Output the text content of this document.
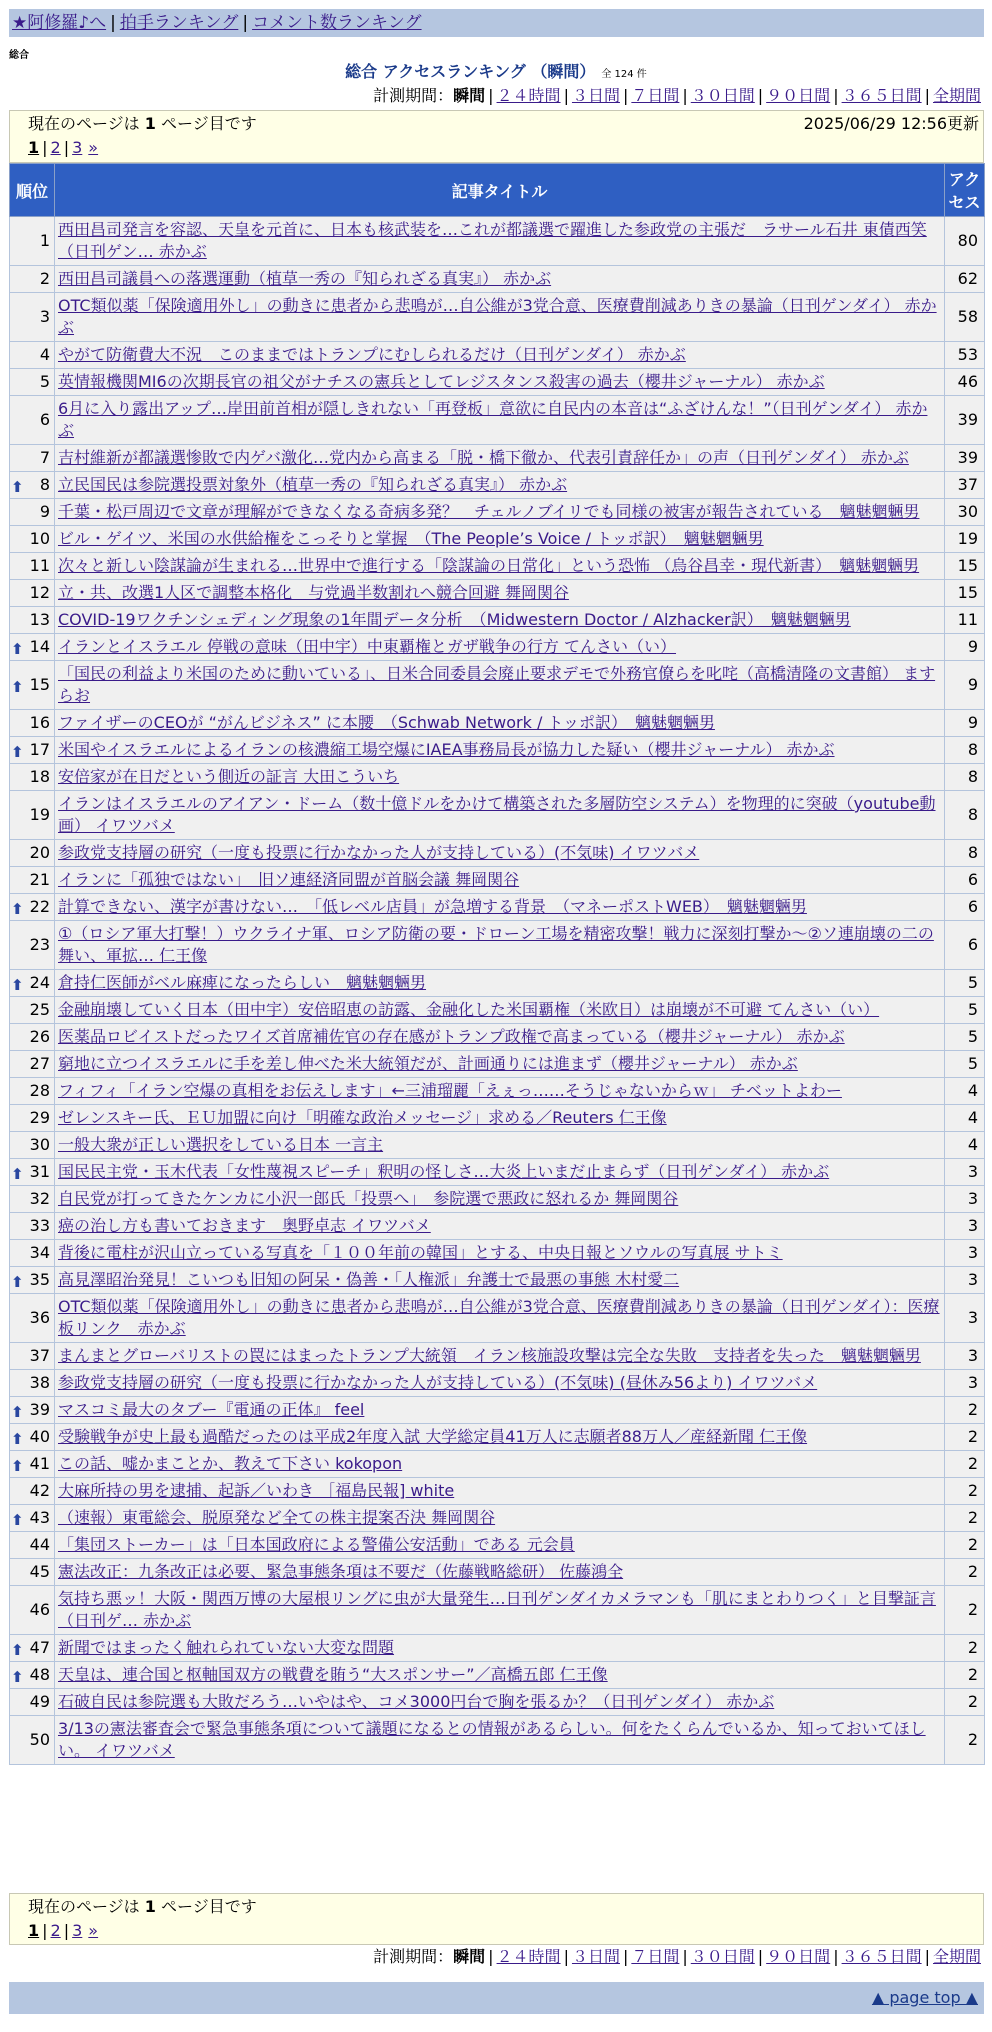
★阿修羅♪へ | 拍手ランキング | コメント数ランキング
総合
総合 アクセスランキング （瞬間） 全 124 件
計測期間：瞬間 | ２４時間 | ３日間 | ７日間 | ３０日間 | ９０日間 | ３６５日間 | 全期間
現在のページは 1 ページ目です	2025/06/29 12:56更新
1 | 2 | 3 »
順位	記事タイトル	アクセス
1	西田昌司発言を容認、天皇を元首に、日本も核武装を…これが都議選で躍進した参政党の主張だ　ラサール石井 東債西笑（日刊ゲン… 赤かぶ	80
2	西田昌司議員への落選運動（植草一秀の『知られざる真実』） 赤かぶ	62
3	OTC類似薬「保険適用外し」の動きに患者から悲鳴が…自公維が3党合意、医療費削減ありきの暴論（日刊ゲンダイ） 赤かぶ	58
4	やがて防衛費大不況　このままではトランプにむしられるだけ（日刊ゲンダイ） 赤かぶ	53
5	英情報機関MI6の次期長官の祖父がナチスの憲兵としてレジスタンス殺害の過去（櫻井ジャーナル） 赤かぶ	46
6	6月に入り露出アップ…岸田前首相が隠しきれない「再登板」意欲に自民内の本音は“ふざけんな！”（日刊ゲンダイ） 赤かぶ	39
7	吉村維新が都議選惨敗で内ゲバ激化…党内から高まる「脱・橋下徹か、代表引責辞任か」の声（日刊ゲンダイ） 赤かぶ	39

⬆ 8	立民国民は参院選投票対象外（植草一秀の『知られざる真実』） 赤かぶ	37
9	千葉・松戸周辺で文章が理解ができなくなる奇病多発？　チェルノブイリでも同様の被害が報告されている　魑魅魍魎男	30
10	ビル・ゲイツ、米国の水供給権をこっそりと掌握　（The People’s Voice / トッポ訳）　魑魅魍魎男	19
11	次々と新しい陰謀論が生まれる…世界中で進行する「陰謀論の日常化」という恐怖 （烏谷昌幸・現代新書）　魑魅魍魎男	15
12	立・共、改選1人区で調整本格化　与党過半数割れへ競合回避 舞岡関谷	15
13	COVID-19ワクチンシェディング現象の1年間データ分析　（Midwestern Doctor / Alzhacker訳）　魑魅魍魎男	11

⬆ 14	イランとイスラエル 停戦の意味（田中宇）中東覇権とガザ戦争の行方 てんさい（い）	9

⬆ 15	「国民の利益より米国のために動いている」、日米合同委員会廃止要求デモで外務官僚らを叱咤（高橋清隆の文書館） ますらお	9
16	ファイザーのCEOが “がんビジネス” に本腰　（Schwab Network / トッポ訳）　魑魅魍魎男	9

⬆ 17	米国やイスラエルによるイランの核濃縮工場空爆にIAEA事務局長が協力した疑い（櫻井ジャーナル） 赤かぶ	8
18	安倍家が在日だという側近の証言 大田こういち	8
19	イランはイスラエルのアイアン・ドーム（数十億ドルをかけて構築された多層防空システム）を物理的に突破（youtube動画） イワツバメ	8
20	参政党支持層の研究（一度も投票に行かなかった人が支持している）(不気味) イワツバメ	8
21	イランに「孤独ではない」　旧ソ連経済同盟が首脳会議 舞岡関谷	6

⬆ 22	計算できない、漢字が書けない…　「低レベル店員」が急増する背景　（マネーポストWEB）　魑魅魍魎男	6
23	①（ロシア軍大打撃！）ウクライナ軍、ロシア防衛の要・ドローン工場を精密攻撃！戦力に深刻打撃か～②ソ連崩壊の二の舞い、軍拡… 仁王像	6

⬆ 24	倉持仁医師がベル麻痺になったらしい　魑魅魍魎男	5
25	金融崩壊していく日本（田中宇）安倍昭恵の訪露、金融化した米国覇権（米欧日）は崩壊が不可避 てんさい（い）	5
26	医薬品ロビイストだったワイズ首席補佐官の存在感がトランプ政権で高まっている（櫻井ジャーナル） 赤かぶ	5
27	窮地に立つイスラエルに手を差し伸べた米大統領だが、計画通りには進まず（櫻井ジャーナル） 赤かぶ	5
28	フィフィ「イラン空爆の真相をお伝えします」←三浦瑠麗「えぇっ……そうじゃないからｗ」 チベットよわー	4
29	ゼレンスキー氏、ＥＵ加盟に向け「明確な政治メッセージ」求める／Reuters 仁王像	4
30	一般大衆が正しい選択をしている日本 一言主	4

⬆ 31	国民民主党・玉木代表「女性蔑視スピーチ」釈明の怪しさ…大炎上いまだ止まらず（日刊ゲンダイ） 赤かぶ	3
32	自民党が打ってきたケンカに小沢一郎氏「投票へ」　参院選で悪政に怒れるか 舞岡関谷	3
33	癌の治し方も書いておきます　奥野卓志 イワツバメ	3
34	背後に電柱が沢山立っている写真を「１００年前の韓国」とする、中央日報とソウルの写真展 サトミ	3

⬆ 35	高見澤昭治発見！こいつも旧知の阿呆・偽善・「人権派」弁護士で最悪の事態 木村愛二	3
36	OTC類似薬「保険適用外し」の動きに患者から悲鳴が…自公維が3党合意、医療費削減ありきの暴論（日刊ゲンダイ）：医療板リンク　赤かぶ	3
37	まんまとグローバリストの罠にはまったトランプ大統領　イラン核施設攻撃は完全な失敗　支持者を失った　魑魅魍魎男	3
38	参政党支持層の研究（一度も投票に行かなかった人が支持している）(不気味) (昼休み56より) イワツバメ	3

⬆ 39	マスコミ最大のタブー『電通の正体』 feel	2

⬆ 40	受験戦争が史上最も過酷だったのは平成2年度入試 大学総定員41万人に志願者88万人／産経新聞 仁王像	2

⬆ 41	この話、嘘かまことか、教えて下さい kokopon	2
42	大麻所持の男を逮捕、起訴／いわき ［福島民報] white	2

⬆ 43	（速報）東電総会、脱原発など全ての株主提案否決 舞岡関谷	2
44	「集団ストーカー」は「日本国政府による警備公安活動」である 元会員	2
45	憲法改正：九条改正は必要、緊急事態条項は不要だ（佐藤戦略総研） 佐藤鴻全	2
46	気持ち悪ッ！大阪・関西万博の大屋根リングに虫が大量発生…日刊ゲンダイカメラマンも「肌にまとわりつく」と目撃証言（日刊ゲ… 赤かぶ	2

⬆ 47	新聞ではまったく触れられていない大変な問題	2

⬆ 48	天皇は、連合国と枢軸国双方の戦費を賄う“大スポンサー”／高橋五郎 仁王像	2
49	石破自民は参院選も大敗だろう…いやはや、コメ3000円台で胸を張るか？（日刊ゲンダイ） 赤かぶ	2
50	3/13の憲法審査会で緊急事態条項について議題になるとの情報があるらしい。何をたくらんでいるか、知っておいてほしい。 イワツバメ	2
現在のページは 1 ページ目です
1 | 2 | 3 »
計測期間：瞬間 | ２４時間 | ３日間 | ７日間 | ３０日間 | ９０日間 | ３６５日間 | 全期間
▲ page top ▲
